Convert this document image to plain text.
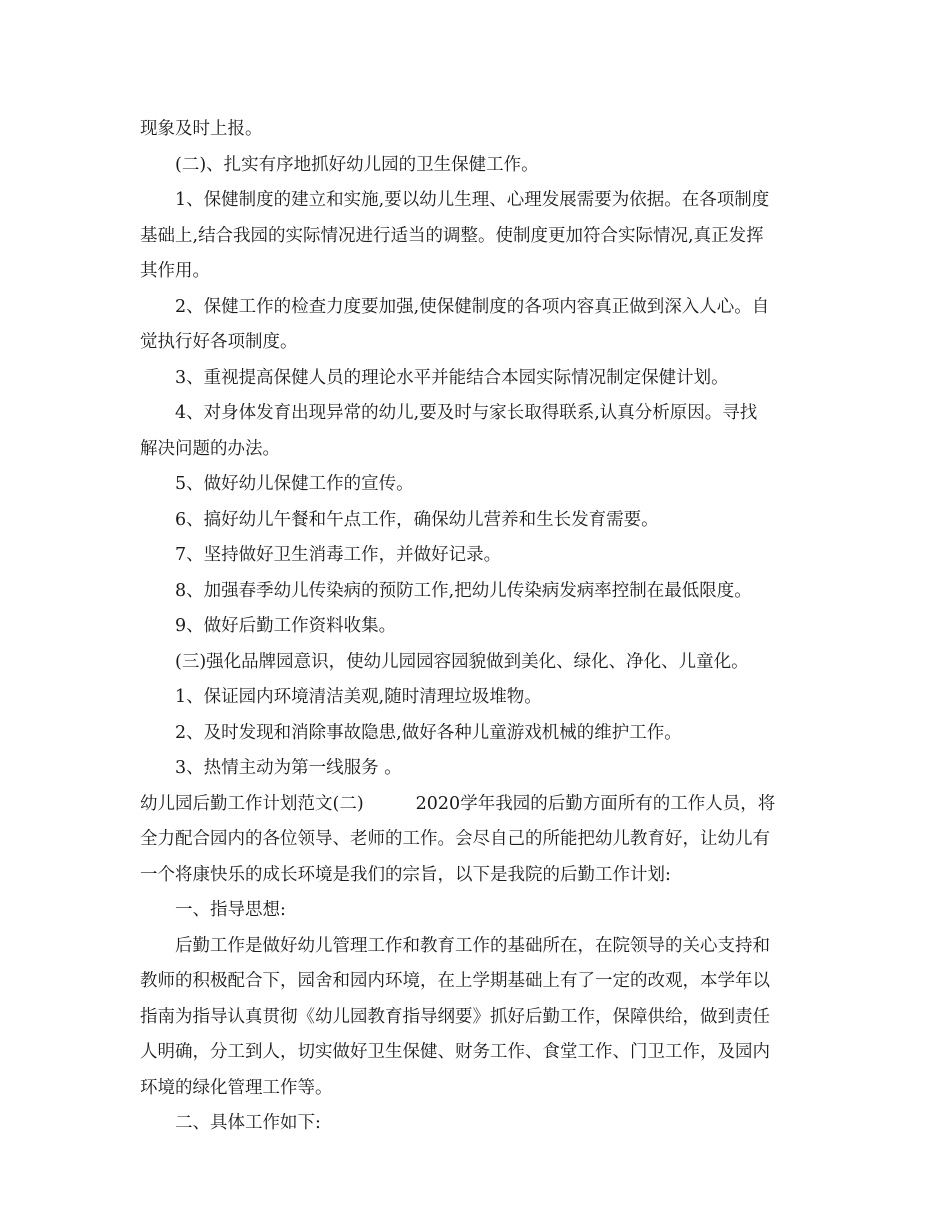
现象及时上报。
(二)、扎实有序地抓好幼儿园的卫生保健工作。
1、保健制度的建立和实施,要以幼儿生理、心理发展需要为依据。在各项制度
基础上,结合我园的实际情况进行适当的调整。使制度更加符合实际情况,真正发挥
其作用。
2、保健工作的检查力度要加强,使保健制度的各项内容真正做到深入人心。自
觉执行好各项制度。
3、重视提高保健人员的理论水平并能结合本园实际情况制定保健计划。
4、对身体发育出现异常的幼儿,要及时与家长取得联系,认真分析原因。寻找
解决问题的办法。
5、做好幼儿保健工作的宣传。
6、搞好幼儿午餐和午点工作，确保幼儿营养和生长发育需要。
7、坚持做好卫生消毒工作，并做好记录。
8、加强春季幼儿传染病的预防工作,把幼儿传染病发病率控制在最低限度。
9、做好后勤工作资料收集。
(三)强化品牌园意识，使幼儿园园容园貌做到美化、绿化、净化、儿童化。
1、保证园内环境清洁美观,随时清理垃圾堆物。
2、及时发现和消除事故隐患,做好各种儿童游戏机械的维护工作。
3、热情主动为第一线服务 。
幼儿园后勤工作计划范文(二)	2020学年我园的后勤方面所有的工作人员，将
全力配合园内的各位领导、老师的工作。会尽自己的所能把幼儿教育好，让幼儿有
一个将康快乐的成长环境是我们的宗旨，以下是我院的后勤工作计划:
一、指导思想:
后勤工作是做好幼儿管理工作和教育工作的基础所在，在院领导的关心支持和
教师的积极配合下，园舍和园内环境，在上学期基础上有了一定的改观，本学年以
指南为指导认真贯彻《幼儿园教育指导纲要》抓好后勤工作，保障供给，做到责任
人明确，分工到人，切实做好卫生保健、财务工作、食堂工作、门卫工作，及园内
环境的绿化管理工作等。
二、具体工作如下:
